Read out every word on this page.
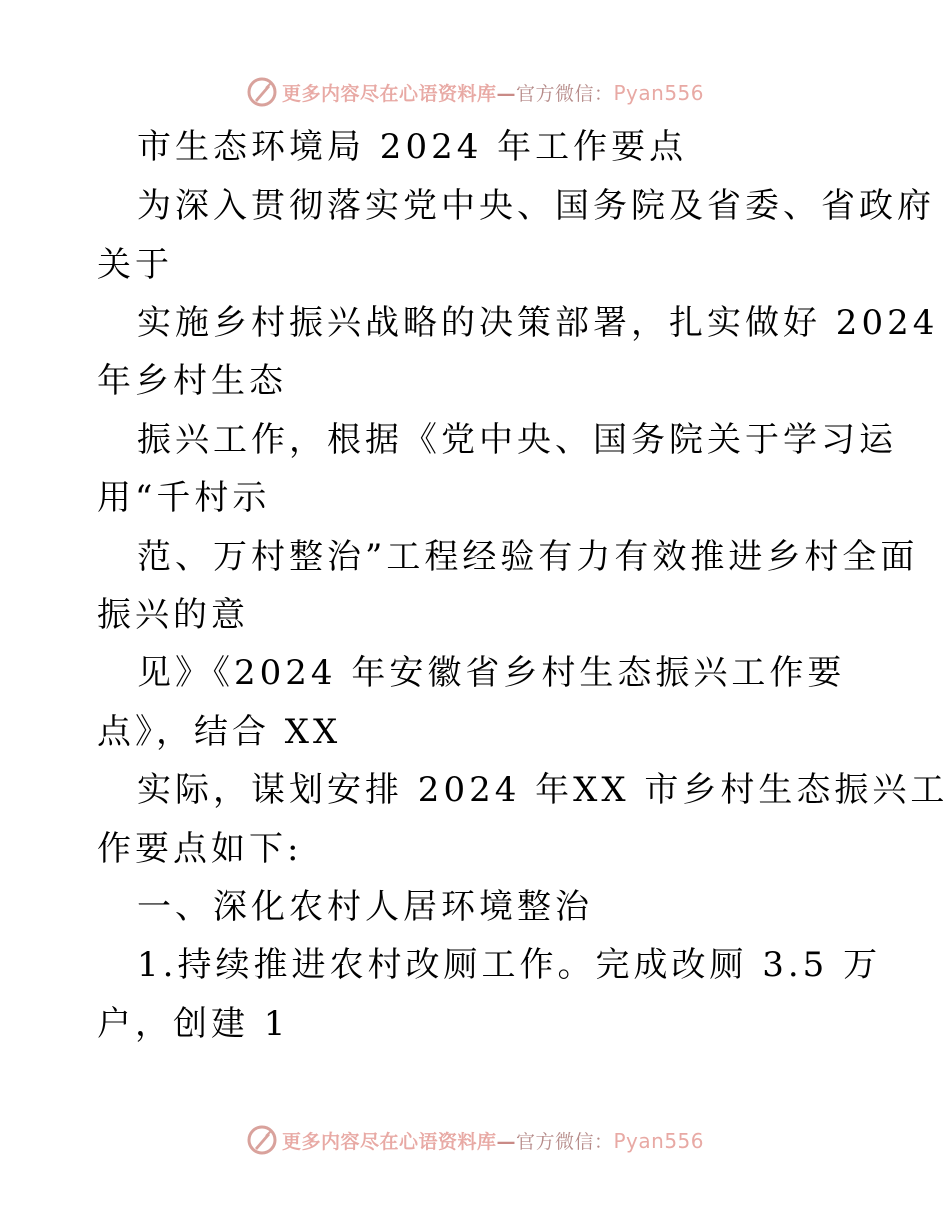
更多内容尽在心语资料库—官方微信：Pyan556
市生态环境局 2024 年工作要点
为深入贯彻落实党中央、国务院及省委、省政府
关于
实施乡村振兴战略的决策部署，扎实做好 2024
年乡村生态
振兴工作，根据《党中央、国务院关于学习运
用“千村示
范、万村整治”工程经验有力有效推进乡村全面
振兴的意
见》《2024 年安徽省乡村生态振兴工作要
点》，结合 XX
实际，谋划安排 2024 年XX 市乡村生态振兴工
作要点如下:
一、深化农村人居环境整治
1.持续推进农村改厕工作。完成改厕 3.5 万
户，创建 1
更多内容尽在心语资料库—官方微信：Pyan556
